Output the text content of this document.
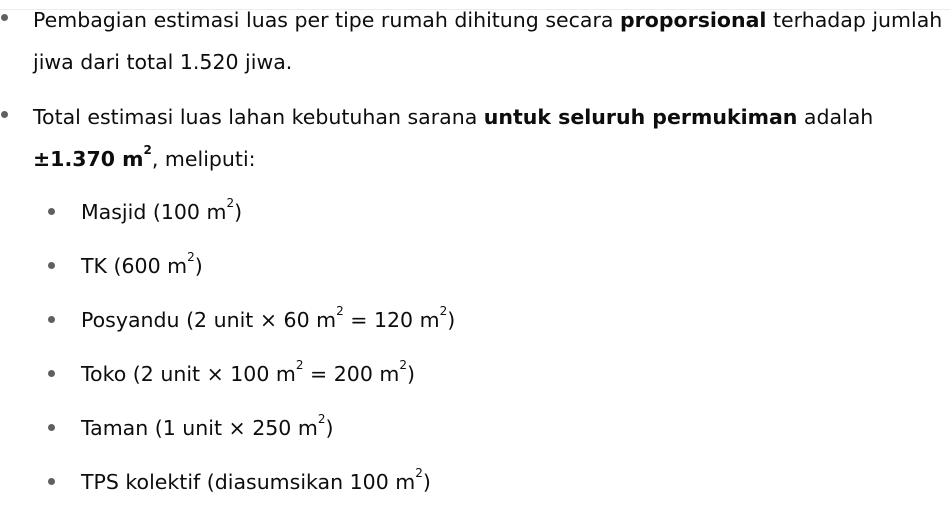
Pembagian estimasi luas per tipe rumah dihitung secara proporsional terhadap jumlah jiwa dari total 1.520 jiwa.
Total estimasi luas lahan kebutuhan sarana untuk seluruh permukiman adalah ±1.370 $m^2$, meliputi:
Masjid (100 $m^2$)
TK (600 $m^2$)
Posyandu (2 unit × 60 $m^2 = 120$ $m^2$)
Toko (2 unit × 100 $m^2 = 200$ $m^2$)
Taman (1 unit × 250 $m^2$)
TPS kolektif (diasumsikan 100 $m^2$)
